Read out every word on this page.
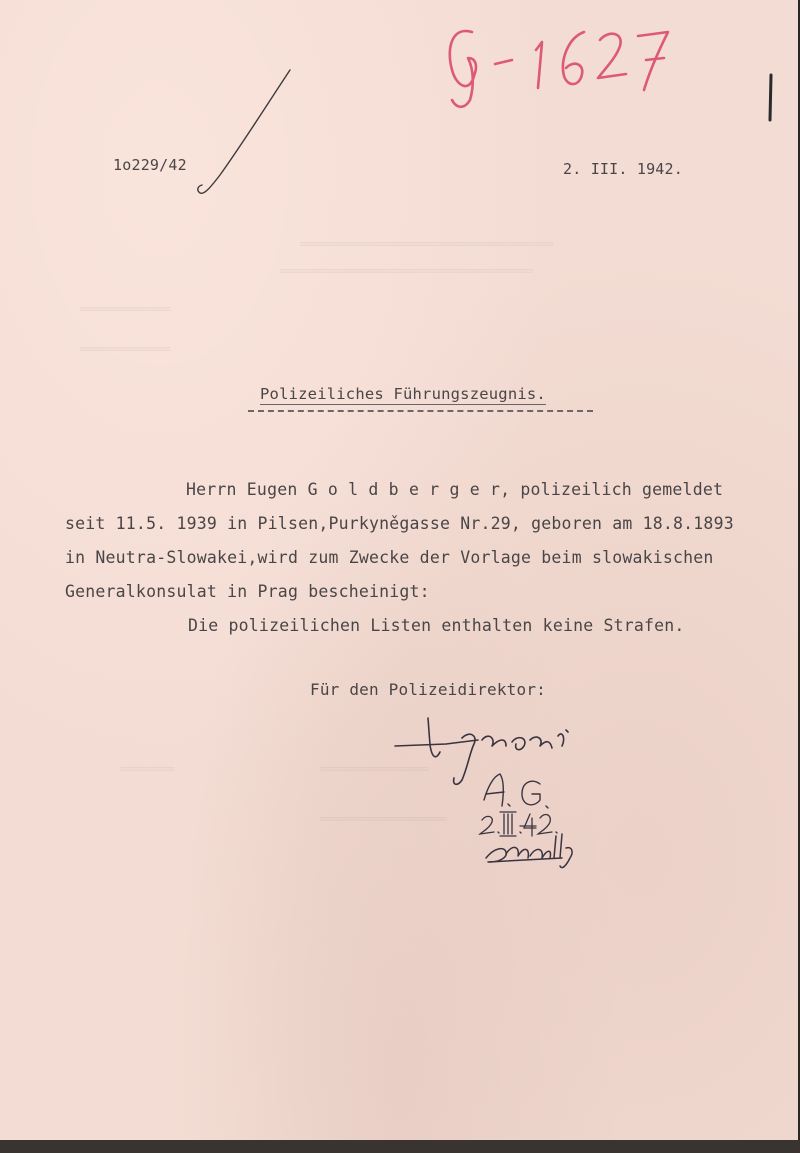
════════════════════════════
════════════════════════════
══════════
══════════
══════	════════════
══════════════
1o229/42	2. III. 1942.
Polizeiliches Führungszeugnis.
Herrn Eugen G o l d b e r g e r, polizeilich gemeldet
seit 11.5. 1939 in Pilsen,Purkyněgasse Nr.29, geboren am 18.8.1893
in Neutra-Slowakei,wird zum Zwecke der Vorlage beim slowakischen
Generalkonsulat in Prag bescheinigt:
Die polizeilichen Listen enthalten keine Strafen.
Für den Polizeidirektor:
